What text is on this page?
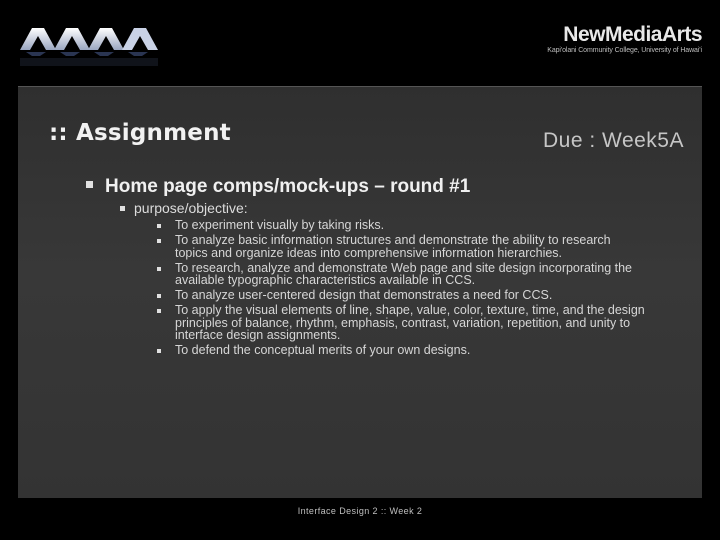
NewMediaArts
Kapi'olani Community College, University of Hawai'i
:: Assignment	Due : Week5A
Home page comps/mock-ups – round #1
purpose/objective:
To experiment visually by taking risks.
To analyze basic information structures and demonstrate the ability to research topics and organize ideas into comprehensive information hierarchies.
To research, analyze and demonstrate Web page and site design incorporating the available typographic characteristics available in CCS.
To analyze user-centered design that demonstrates a need for CCS.
To apply the visual elements of line, shape, value, color, texture, time, and the design principles of balance, rhythm, emphasis, contrast, variation, repetition, and unity to interface design assignments.
To defend the conceptual merits of your own designs.
Interface Design 2 :: Week 2
